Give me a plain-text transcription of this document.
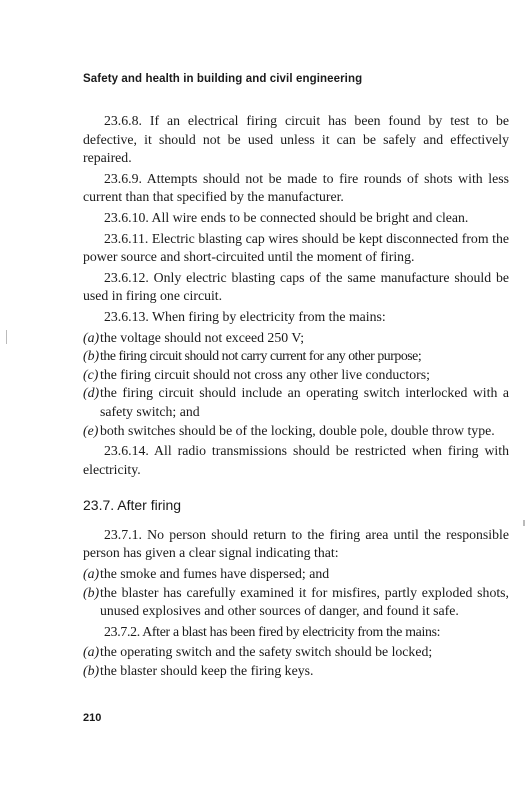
Safety and health in building and civil engineering

23.6.8. If an electrical firing circuit has been found by test to be defective, it should not be used unless it can be safely and effectively repaired.

23.6.9. Attempts should not be made to fire rounds of shots with less current than that specified by the manufacturer.

23.6.10. All wire ends to be connected should be bright and clean.

23.6.11. Electric blasting cap wires should be kept disconnected from the power source and short-circuited until the moment of firing.

23.6.12. Only electric blasting caps of the same manufacture should be used in firing one circuit.

23.6.13. When firing by electricity from the mains:

(a) the voltage should not exceed 250 V;
(b) the firing circuit should not carry current for any other purpose;
(c) the firing circuit should not cross any other live conductors;
(d) the firing circuit should include an operating switch interlocked with a safety switch; and
(e) both switches should be of the locking, double pole, double throw type.

23.6.14. All radio transmissions should be restricted when firing with electricity.

23.7. After firing

23.7.1. No person should return to the firing area until the responsible person has given a clear signal indicating that:

(a) the smoke and fumes have dispersed; and
(b) the blaster has carefully examined it for misfires, partly exploded shots, unused explosives and other sources of danger, and found it safe.

23.7.2. After a blast has been fired by electricity from the mains:

(a) the operating switch and the safety switch should be locked;
(b) the blaster should keep the firing keys.
210
